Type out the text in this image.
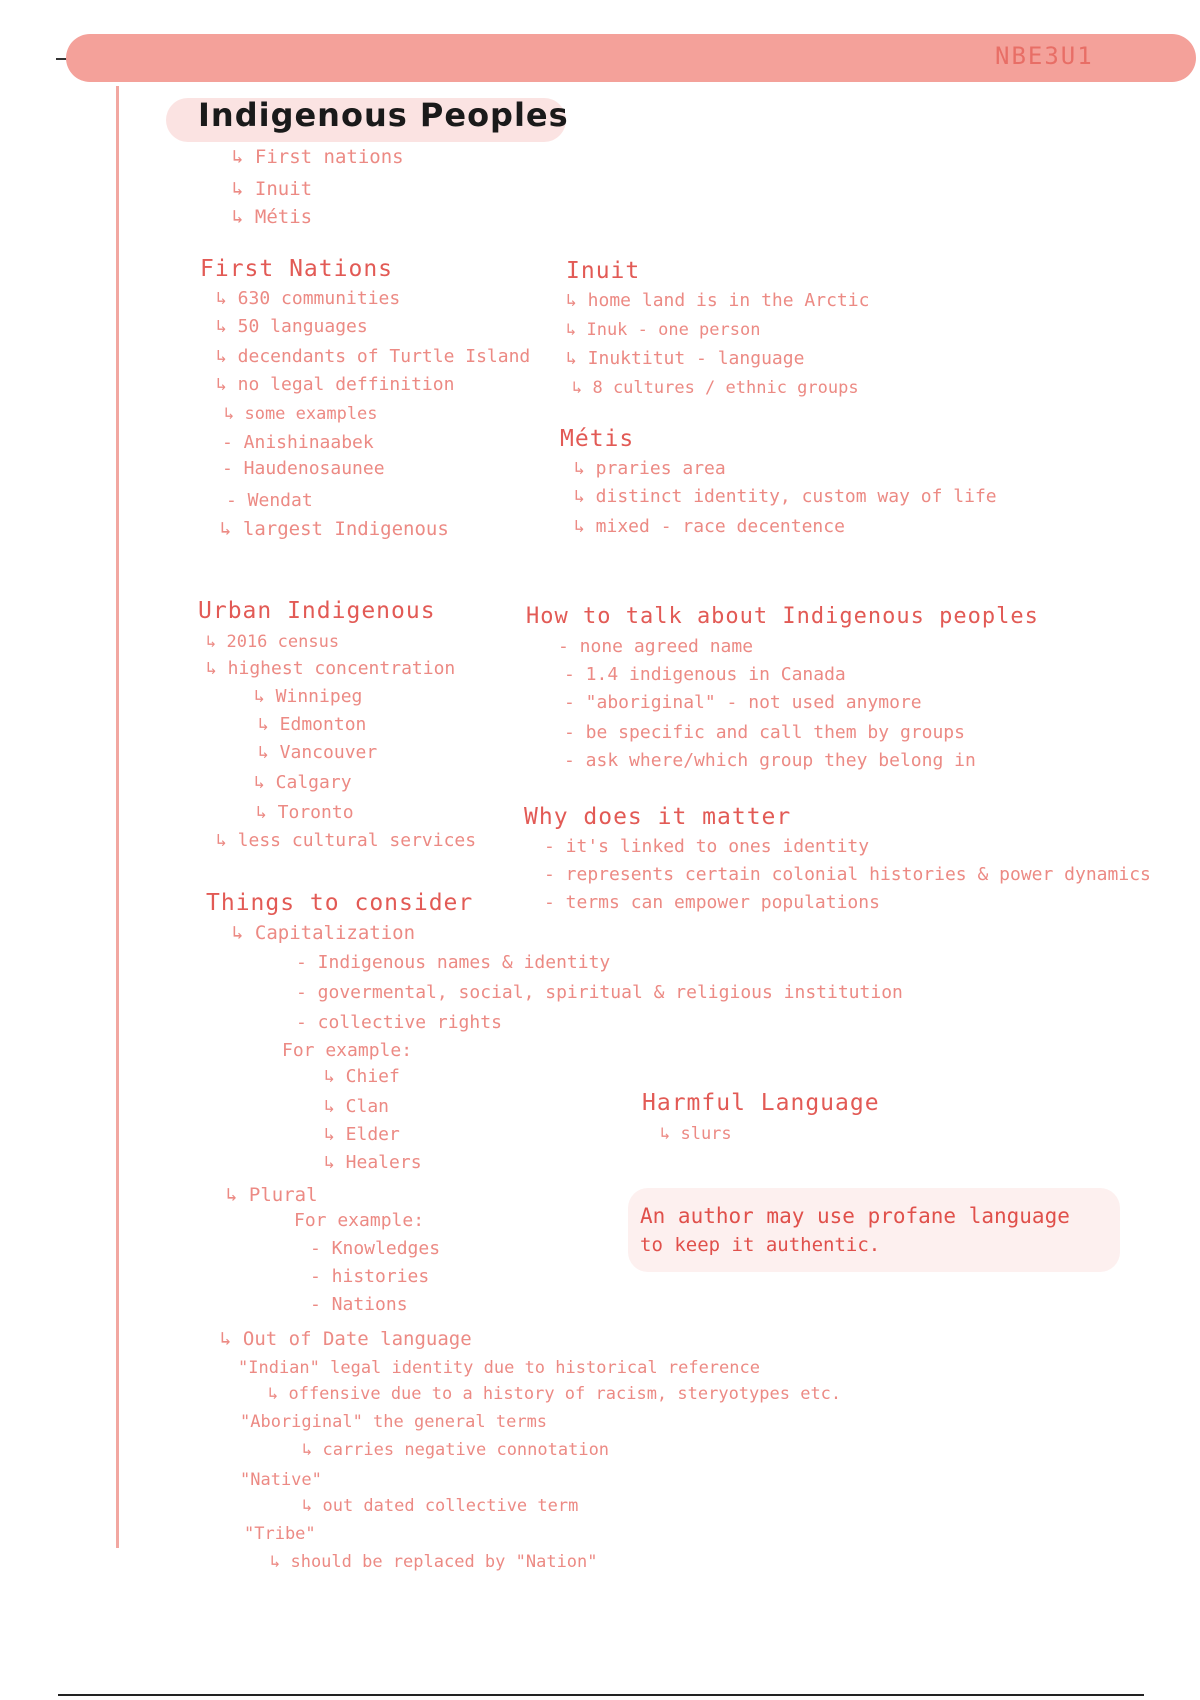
NBE3U1
Indigenous Peoples
↳ First nations
↳ Inuit
↳ Métis
First Nations
↳ 630 communities
↳ 50 languages
↳ decendants of Turtle Island
↳ no legal deffinition
↳ some examples
- Anishinaabek
- Haudenosaunee
- Wendat
↳ largest Indigenous
Inuit
↳ home land is in the Arctic
↳ Inuk - one person
↳ Inuktitut - language
↳ 8 cultures / ethnic groups
Métis
↳ praries area
↳ distinct identity, custom way of life
↳ mixed - race decentence
Urban Indigenous
↳ 2016 census
↳ highest concentration
↳ Winnipeg
↳ Edmonton
↳ Vancouver
↳ Calgary
↳ Toronto
↳ less cultural services
How to talk about Indigenous peoples
- none agreed name
- 1.4 indigenous in Canada
- "aboriginal" - not used anymore
- be specific and call them by groups
- ask where/which group they belong in
Why does it matter
- it's linked to ones identity
- represents certain colonial histories & power dynamics
- terms can empower populations
Things to consider
↳ Capitalization
- Indigenous names & identity
- govermental, social, spiritual & religious institution
- collective rights
For example:
↳ Chief
↳ Clan
↳ Elder
↳ Healers
↳ Plural
For example:
- Knowledges
- histories
- Nations
↳ Out of Date language
"Indian" legal identity due to historical reference
↳ offensive due to a history of racism, steryotypes etc.
"Aboriginal" the general terms
↳ carries negative connotation
"Native"
↳ out dated collective term
"Tribe"
↳ should be replaced by "Nation"
Harmful Language
↳ slurs
An author may use profane language
to keep it authentic.
